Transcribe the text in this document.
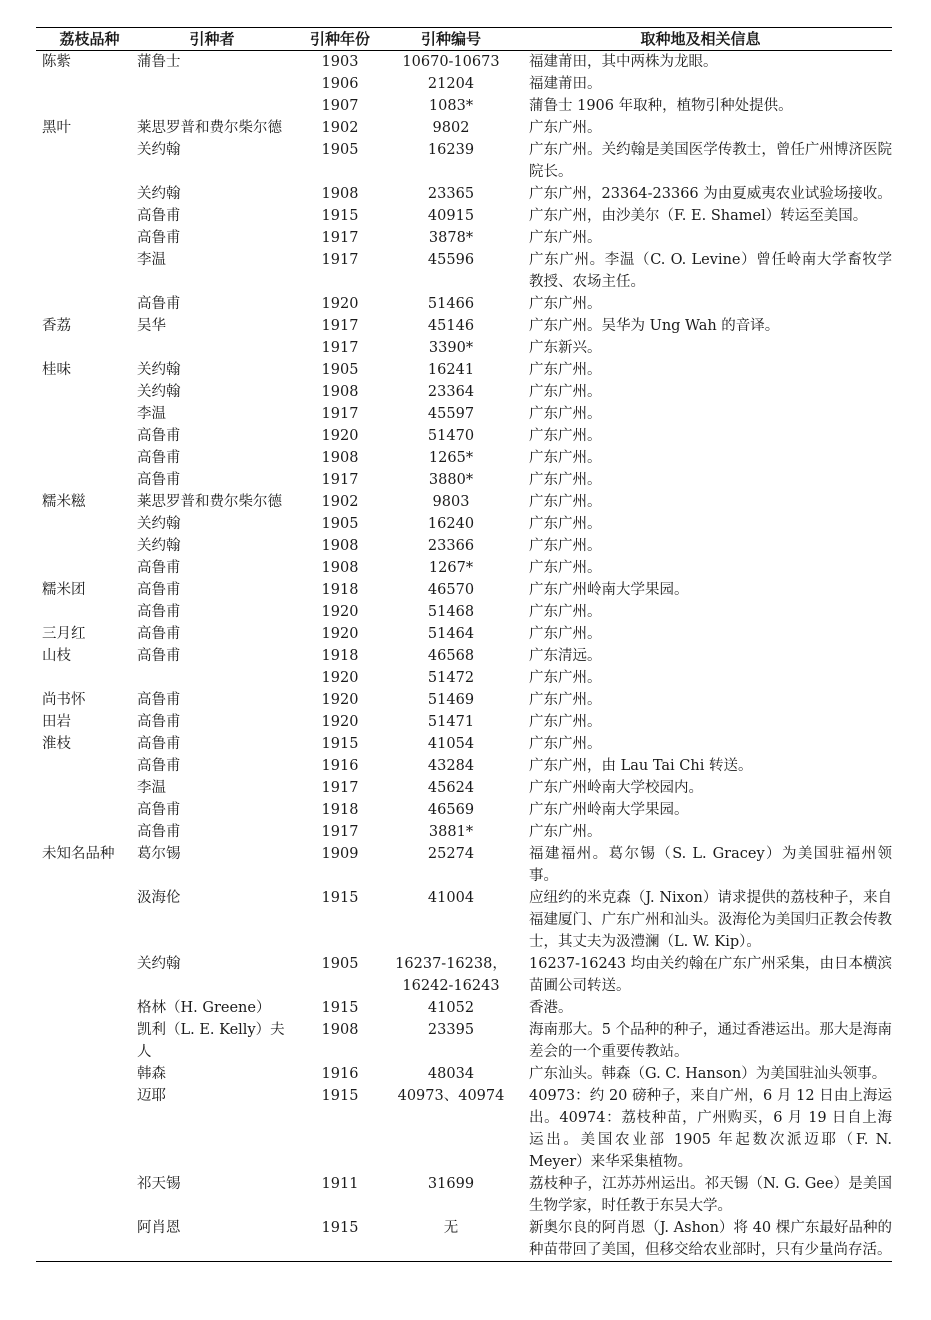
荔枝品种	引种者	引种年份	引种编号	取种地及相关信息
陈紫	蒲鲁士	1903	10670-10673	福建莆田，其中两株为龙眼。
		1906	21204	福建莆田。
		1907	1083*	蒲鲁士 1906 年取种，植物引种处提供。
黑叶	莱思罗普和费尔柴尔德	1902	9802	广东广州。
	关约翰	1905	16239	广东广州。关约翰是美国医学传教士，曾任广州博济医院院长。
	关约翰	1908	23365	广东广州，23364-23366 为由夏威夷农业试验场接收。
	高鲁甫	1915	40915	广东广州，由沙美尔（F. E. Shamel）转运至美国。
	高鲁甫	1917	3878*	广东广州。
	李温	1917	45596	广东广州。李温（C. O. Levine）曾任岭南大学畜牧学教授、农场主任。
	高鲁甫	1920	51466	广东广州。
香荔	吴华	1917	45146	广东广州。吴华为 Ung Wah 的音译。
		1917	3390*	广东新兴。
桂味	关约翰	1905	16241	广东广州。
	关约翰	1908	23364	广东广州。
	李温	1917	45597	广东广州。
	高鲁甫	1920	51470	广东广州。
	高鲁甫	1908	1265*	广东广州。
	高鲁甫	1917	3880*	广东广州。
糯米糍	莱思罗普和费尔柴尔德	1902	9803	广东广州。
	关约翰	1905	16240	广东广州。
	关约翰	1908	23366	广东广州。
	高鲁甫	1908	1267*	广东广州。
糯米团	高鲁甫	1918	46570	广东广州岭南大学果园。
	高鲁甫	1920	51468	广东广州。
三月红	高鲁甫	1920	51464	广东广州。
山枝	高鲁甫	1918	46568	广东清远。
		1920	51472	广东广州。
尚书怀	高鲁甫	1920	51469	广东广州。
田岩	高鲁甫	1920	51471	广东广州。
淮枝	高鲁甫	1915	41054	广东广州。
	高鲁甫	1916	43284	广东广州，由 Lau Tai Chi 转送。
	李温	1917	45624	广东广州岭南大学校园内。
	高鲁甫	1918	46569	广东广州岭南大学果园。
	高鲁甫	1917	3881*	广东广州。
未知名品种	葛尔锡	1909	25274	福建福州。葛尔锡（S. L. Gracey）为美国驻福州领事。
	汲海伦	1915	41004	应纽约的米克森（J. Nixon）请求提供的荔枝种子，来自福建厦门、广东广州和汕头。汲海伦为美国归正教会传教士，其丈夫为汲澧澜（L. W. Kip）。
	关约翰	1905	16237-16238，16242-16243	16237-16243 均由关约翰在广东广州采集，由日本横滨苗圃公司转送。
	格林（H. Greene）	1915	41052	香港。
	凯利（L. E. Kelly）夫人	1908	23395	海南那大。5 个品种的种子，通过香港运出。那大是海南差会的一个重要传教站。
	韩森	1916	48034	广东汕头。韩森（G. C. Hanson）为美国驻汕头领事。
	迈耶	1915	40973、40974	40973：约 20 磅种子，来自广州，6 月 12 日由上海运出。40974：荔枝种苗，广州购买，6 月 19 日自上海运出。美国农业部 1905 年起数次派迈耶（F. N. Meyer）来华采集植物。
	祁天锡	1911	31699	荔枝种子，江苏苏州运出。祁天锡（N. G. Gee）是美国生物学家，时任教于东吴大学。
	阿肖恩	1915	无	新奥尔良的阿肖恩（J. Ashon）将 40 棵广东最好品种的种苗带回了美国，但移交给农业部时，只有少量尚存活。
